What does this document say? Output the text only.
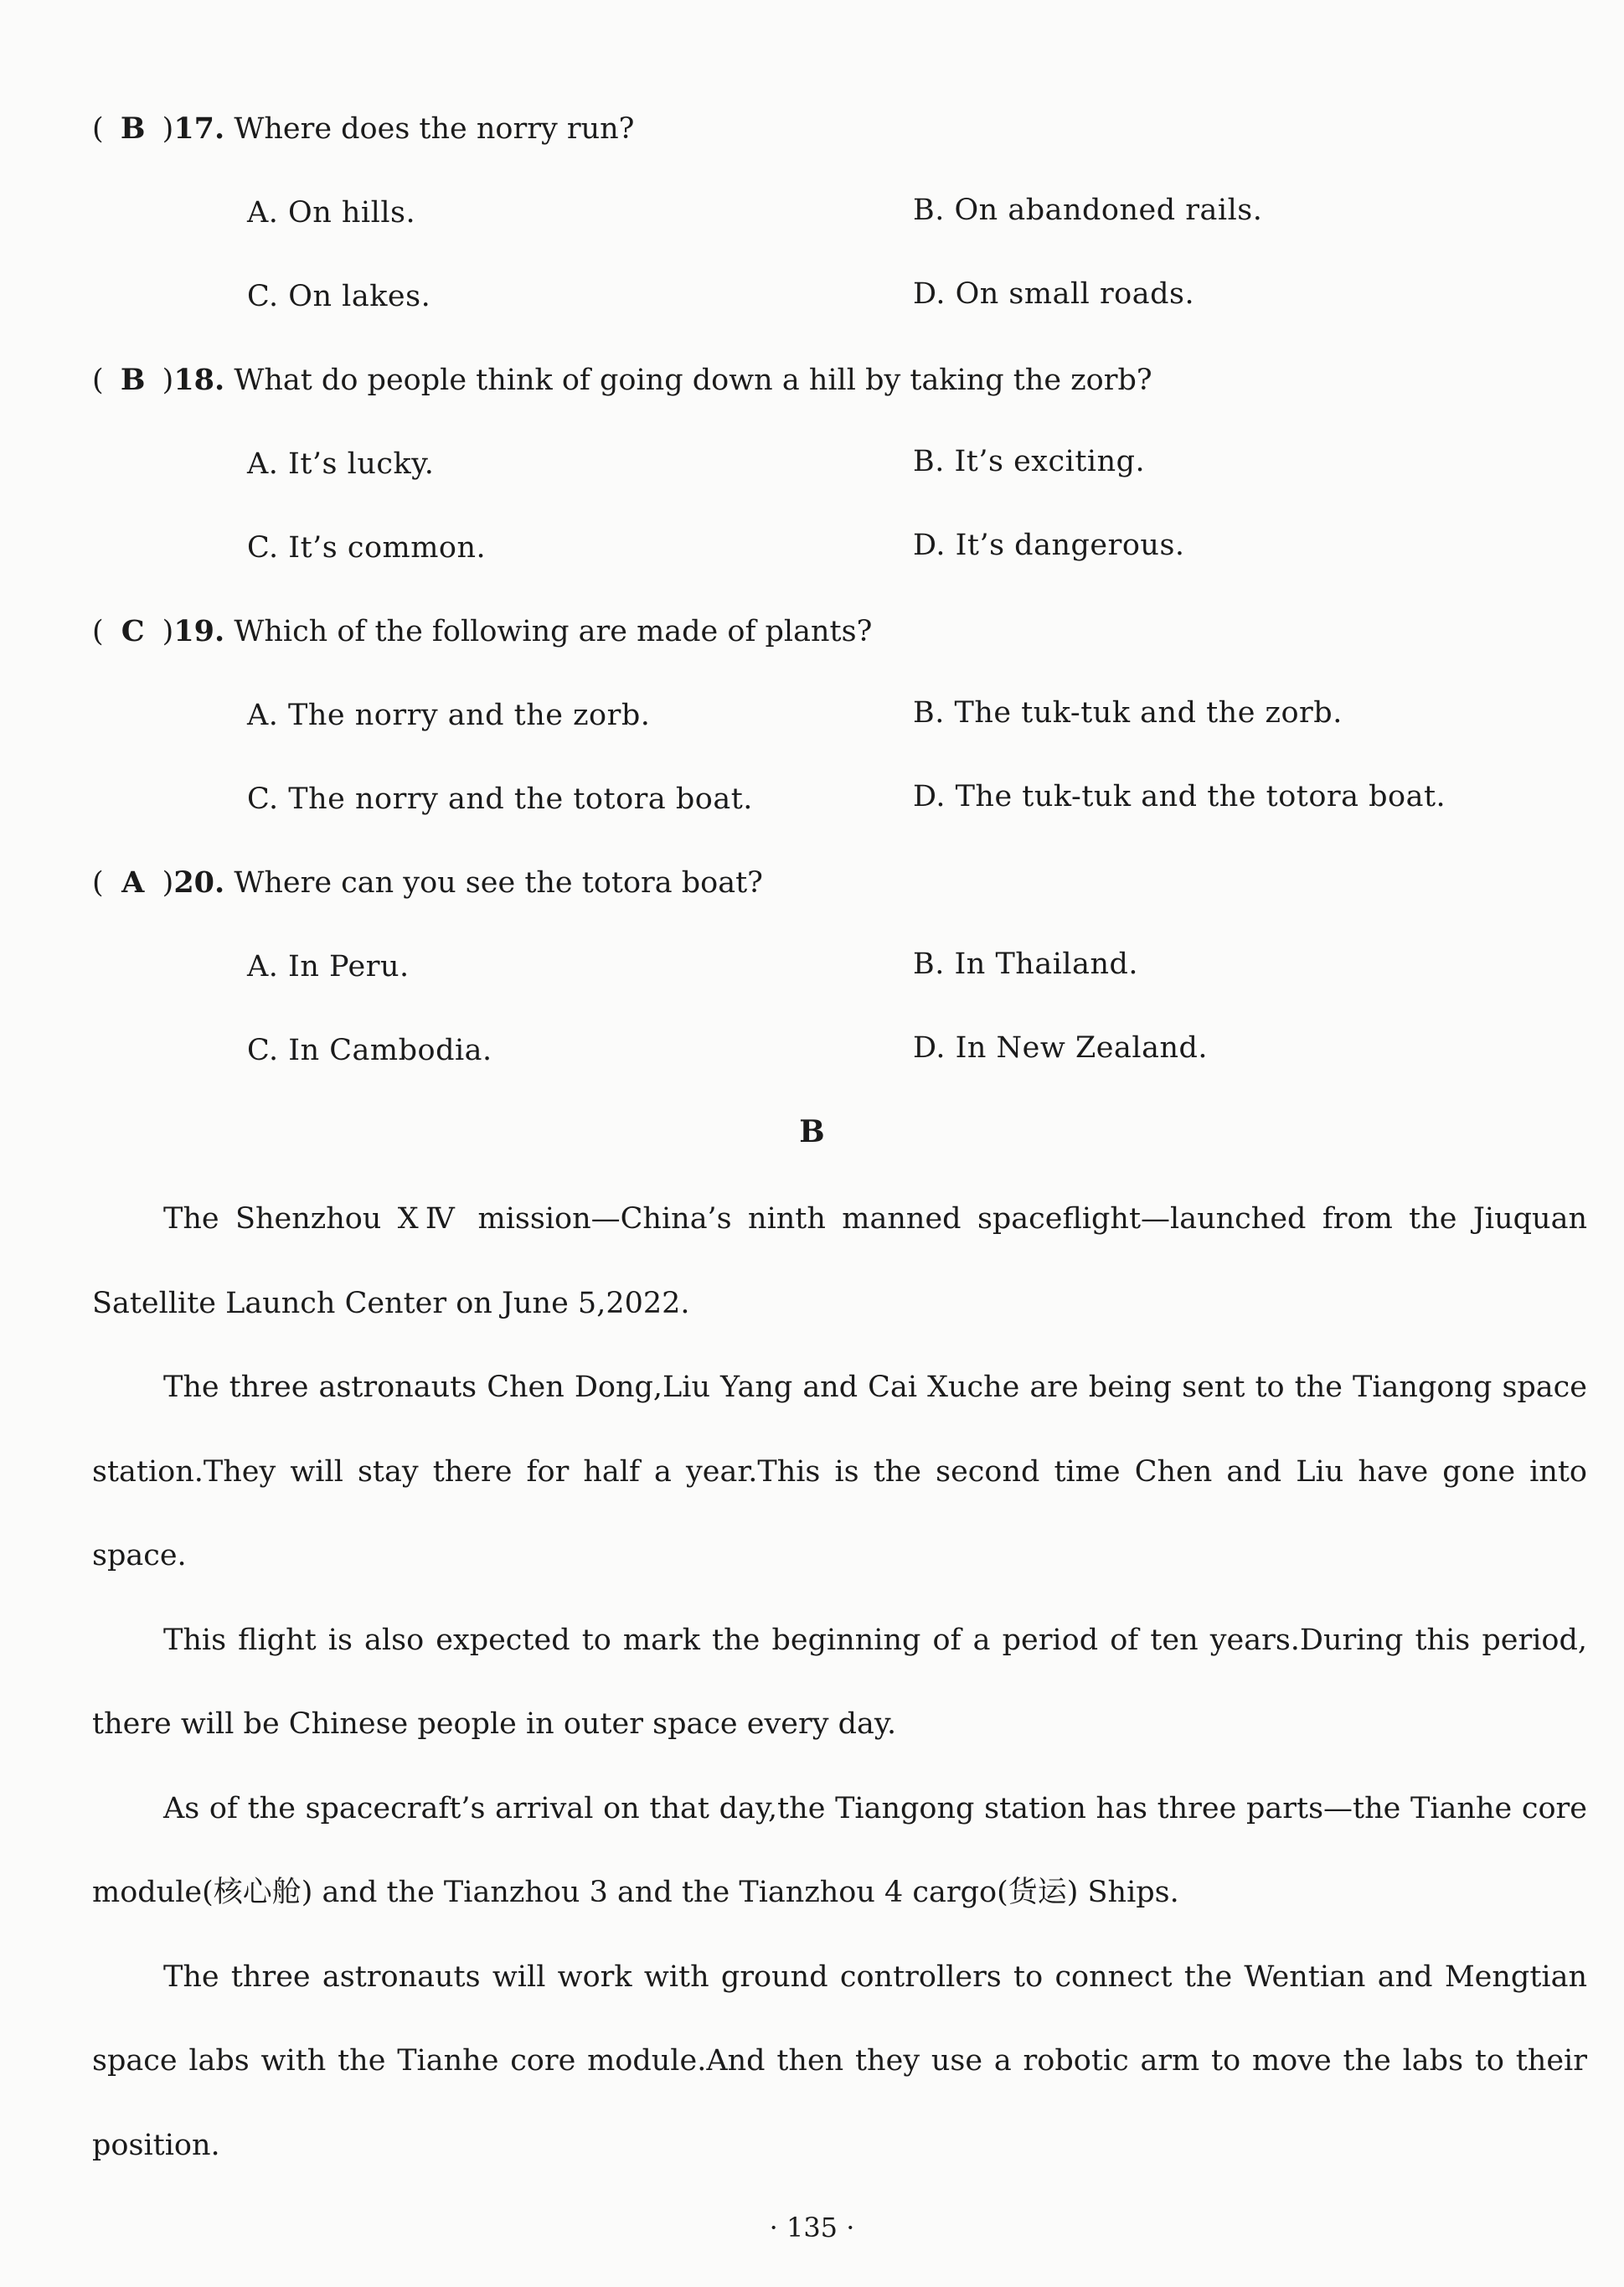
( B )17. Where does the norry run?
A. On hills.	B. On abandoned rails.
C. On lakes.	D. On small roads.
( B )18. What do people think of going down a hill by taking the zorb?
A. It’s lucky.	B. It’s exciting.
C. It’s common.	D. It’s dangerous.
( C )19. Which of the following are made of plants?
A. The norry and the zorb.	B. The tuk-tuk and the zorb.
C. The norry and the totora boat.	D. The tuk-tuk and the totora boat.
( A )20. Where can you see the totora boat?
A. In Peru.	B. In Thailand.
C. In Cambodia.	D. In New Zealand.
B

The Shenzhou ⅩⅣ mission—China’s ninth manned spaceflight—launched from the Jiuquan Satellite Launch Center on June 5,2022.

The three astronauts Chen Dong,Liu Yang and Cai Xuche are being sent to the Tiangong space station.They will stay there for half a year.This is the second time Chen and Liu have gone into space.

This flight is also expected to mark the beginning of a period of ten years.During this period, there will be Chinese people in outer space every day.

As of the spacecraft’s arrival on that day,the Tiangong station has three parts—the Tianhe core module(核心舱) and the Tianzhou 3 and the Tianzhou 4 cargo(货运) Ships.

The three astronauts will work with ground controllers to connect the Wentian and Mengtian space labs with the Tianhe core module.And then they use a robotic arm to move the labs to their position.

· 135 ·
